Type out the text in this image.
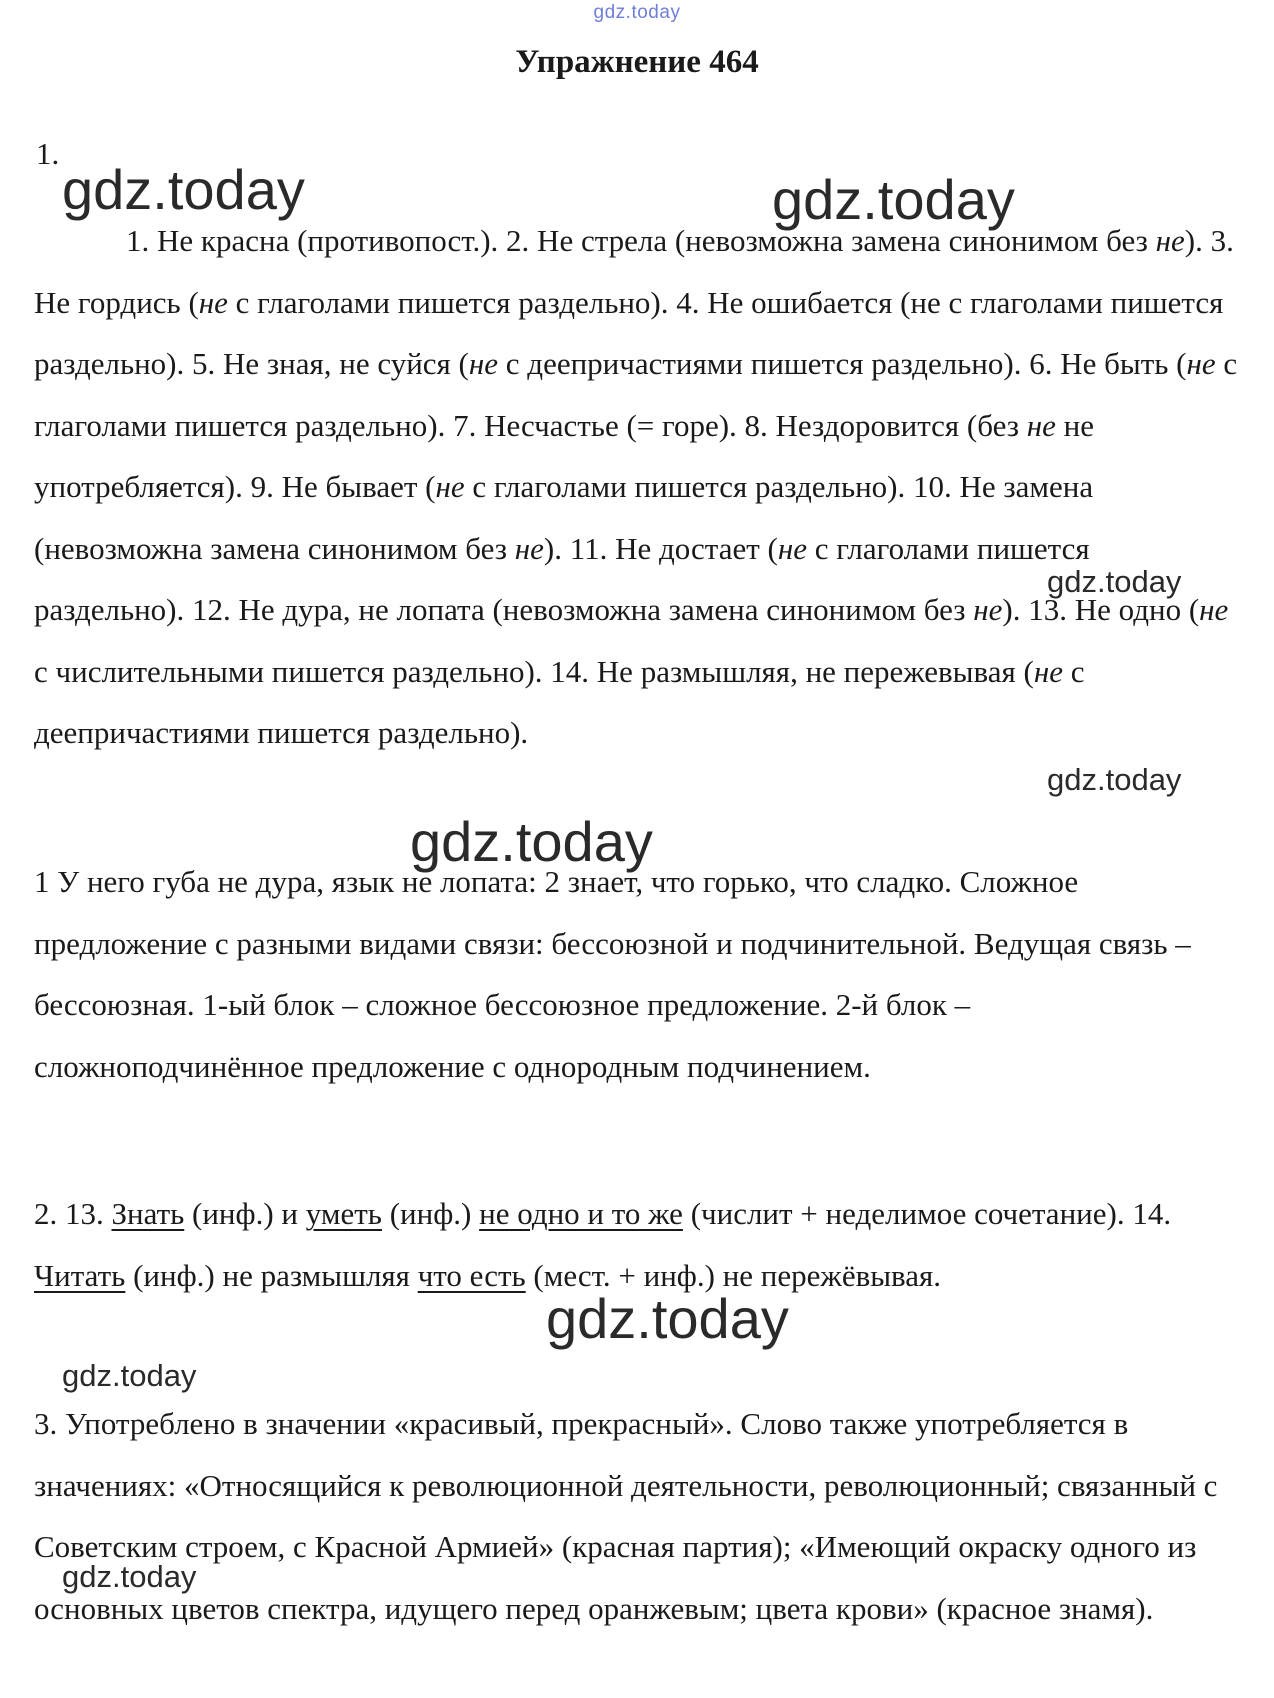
gdz.today
Упражнение 464
1.
1. Не красна (противопост.). 2. Не стрела (невозможна замена синонимом без не). 3. Не гордись (не с глаголами пишется раздельно). 4. Не ошибается (не с глаголами пишется раздельно). 5. Не зная, не суйся (не с деепричастиями пишется раздельно). 6. Не быть (не с глаголами пишется раздельно). 7. Несчастье (= горе). 8. Нездоровится (без не не употребляется). 9. Не бывает (не с глаголами пишется раздельно). 10. Не замена (невозможна замена синонимом без не). 11. Не достает (не с глаголами пишется раздельно). 12. Не дура, не лопата (невозможна замена синонимом без не). 13. Не одно (не с числительными пишется раздельно). 14. Не размышляя, не пережевывая (не с деепричастиями пишется раздельно).
1 У него губа не дура, язык не лопата: 2 знает, что горько, что сладко. Сложное предложение с разными видами связи: бессоюзной и подчинительной. Ведущая связь – бессоюзная. 1-ый блок – сложное бессоюзное предложение. 2-й блок – сложноподчинённое предложение с однородным подчинением.
2. 13. Знать (инф.) и уметь (инф.) не одно и то же (числит + неделимое сочетание). 14. Читать (инф.) не размышляя что есть (мест. + инф.) не пережёвывая.
3. Употреблено в значении «красивый, прекрасный». Слово также употребляется в значениях: «Относящийся к революционной деятельности, революционный; связанный с Советским строем, с Красной Армией» (красная партия); «Имеющий окраску одного из основных цветов спектра, идущего перед оранжевым; цвета крови» (красное знамя).
gdz.today	gdz.today
gdz.today
gdz.today
gdz.today
gdz.today
gdz.today
gdz.today
